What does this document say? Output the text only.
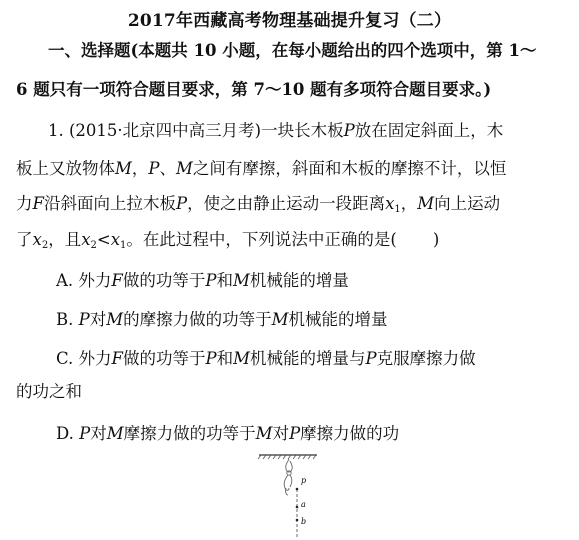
2017年西藏高考物理基础提升复习（二）
一、选择题(本题共 10 小题，在每小题给出的四个选项中，第 1～
6 题只有一项符合题目要求，第 7～10 题有多项符合题目要求。)
1. (2015·北京四中高三月考)一块长木板P放在固定斜面上，木
板上又放物体M，P、M之间有摩擦，斜面和木板的摩擦不计，以恒
力F沿斜面向上拉木板P，使之由静止运动一段距离$x_1$，M向上运动
了$x_2$，且$x_2<x_1$。在此过程中，下列说法中正确的是( )
A. 外力F做的功等于P和M机械能的增量
B. P对M的摩擦力做的功等于M机械能的增量
C. 外力F做的功等于P和M机械能的增量与P克服摩擦力做
的功之和
D. P对M摩擦力做的功等于M对P摩擦力做的功
p
a
b
